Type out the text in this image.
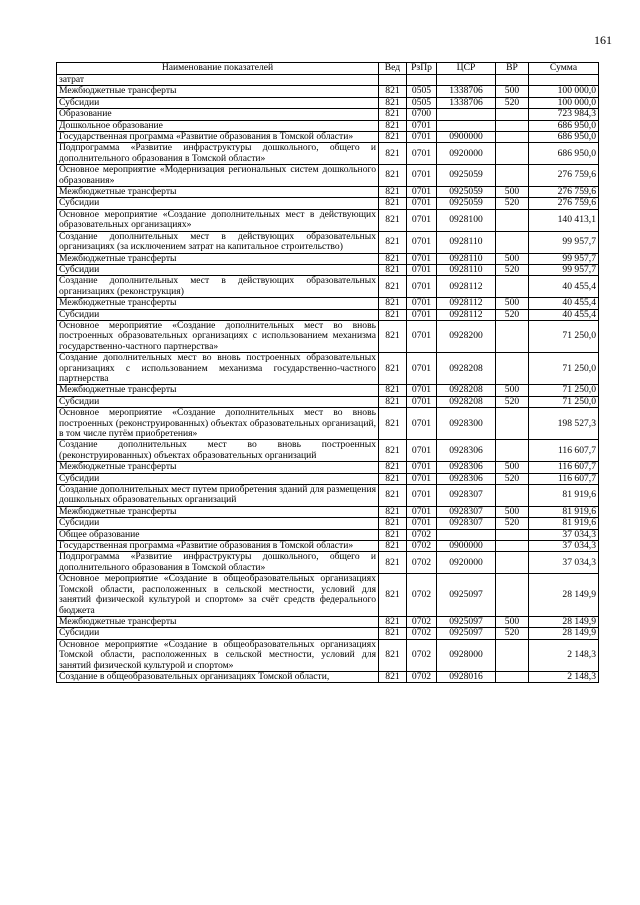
161
Наименование показателей	Вед	РзПр	ЦСР	ВР	Сумма
затрат					
Межбюджетные трансферты	821	0505	1338706	500	100 000,0
Субсидии	821	0505	1338706	520	100 000,0
Образование	821	0700			723 984,3
Дошкольное образование	821	0701			686 950,0
Государственная программа «Развитие образования в Томской области»	821	0701	0900000		686 950,0
Подпрограмма «Развитие инфраструктуры дошкольного, общего и дополнительного образования в Томской области»	821	0701	0920000		686 950,0
Основное мероприятие «Модернизация региональных систем дошкольного образования»	821	0701	0925059		276 759,6
Межбюджетные трансферты	821	0701	0925059	500	276 759,6
Субсидии	821	0701	0925059	520	276 759,6
Основное мероприятие «Создание дополнительных мест в действующих образовательных организациях»	821	0701	0928100		140 413,1
Создание дополнительных мест в действующих образовательных организациях (за исключением затрат на капитальное строительство)	821	0701	0928110		99 957,7
Межбюджетные трансферты	821	0701	0928110	500	99 957,7
Субсидии	821	0701	0928110	520	99 957,7
Создание дополнительных мест в действующих образовательных организациях (реконструкция)	821	0701	0928112		40 455,4
Межбюджетные трансферты	821	0701	0928112	500	40 455,4
Субсидии	821	0701	0928112	520	40 455,4
Основное мероприятие «Создание дополнительных мест во вновь построенных образовательных организациях с использованием механизма государственно-частного партнерства»	821	0701	0928200		71 250,0
Создание дополнительных мест во вновь построенных образовательных организациях с использованием механизма государственно-частного партнерства	821	0701	0928208		71 250,0
Межбюджетные трансферты	821	0701	0928208	500	71 250,0
Субсидии	821	0701	0928208	520	71 250,0
Основное мероприятие «Создание дополнительных мест во вновь построенных (реконструированных) объектах образовательных организаций, в том числе путём приобретения»	821	0701	0928300		198 527,3
Создание дополнительных мест во вновь построенных (реконструированных) объектах образовательных организаций	821	0701	0928306		116 607,7
Межбюджетные трансферты	821	0701	0928306	500	116 607,7
Субсидии	821	0701	0928306	520	116 607,7
Создание дополнительных мест путем приобретения зданий для размещения дошкольных образовательных организаций	821	0701	0928307		81 919,6
Межбюджетные трансферты	821	0701	0928307	500	81 919,6
Субсидии	821	0701	0928307	520	81 919,6
Общее образование	821	0702			37 034,3
Государственная программа «Развитие образования в Томской области»	821	0702	0900000		37 034,3
Подпрограмма «Развитие инфраструктуры дошкольного, общего и дополнительного образования в Томской области»	821	0702	0920000		37 034,3
Основное мероприятие «Создание в общеобразовательных организациях Томской области, расположенных в сельской местности, условий для занятий физической культурой и спортом» за счёт средств федерального бюджета	821	0702	0925097		28 149,9
Межбюджетные трансферты	821	0702	0925097	500	28 149,9
Субсидии	821	0702	0925097	520	28 149,9
Основное мероприятие «Создание в общеобразовательных организациях Томской области, расположенных в сельской местности, условий для занятий физической культурой и спортом»	821	0702	0928000		2 148,3
Создание в общеобразовательных организациях Томской области,	821	0702	0928016		2 148,3
